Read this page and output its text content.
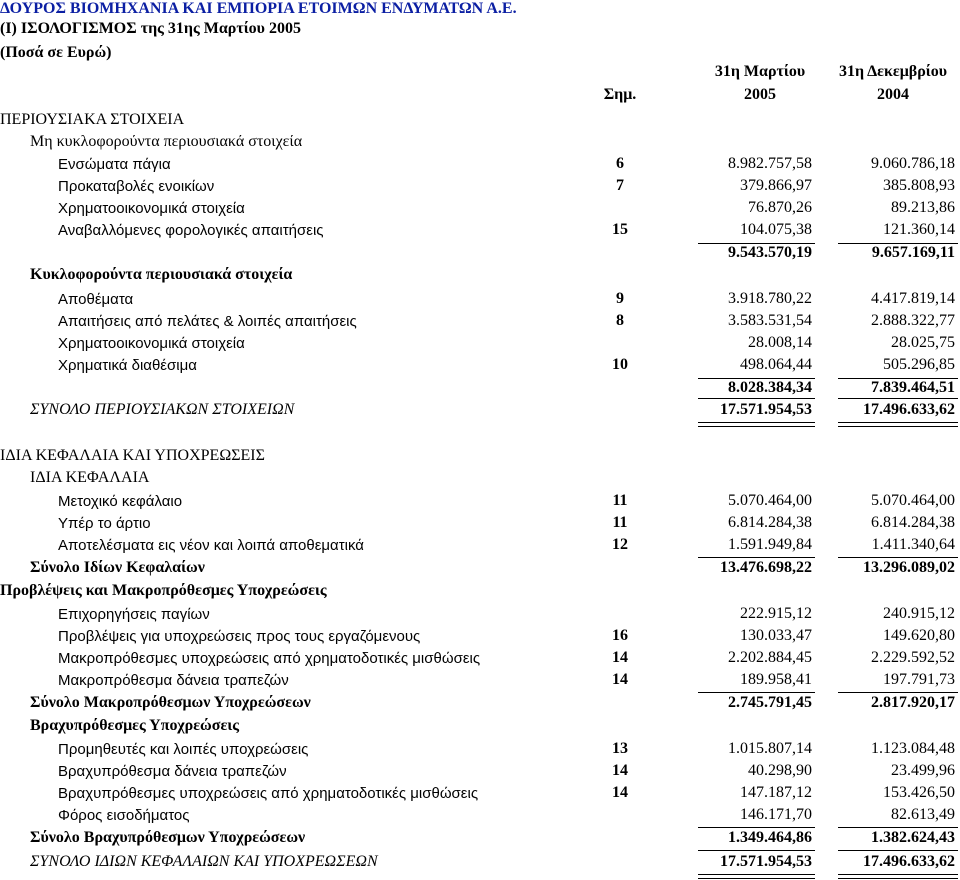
ΔΟΥΡΟΣ ΒΙΟΜΗΧΑΝΙΑ ΚΑΙ ΕΜΠΟΡΙΑ ΕΤΟΙΜΩΝ ΕΝΔΥΜΑΤΩΝ Α.Ε.
(Ι) ΙΣΟΛΟΓΙΣΜΟΣ της 31ης Μαρτίου 2005
(Ποσά σε Ευρώ)
Σημ.
31η Μαρτίου
2005
31η Δεκεμβρίου
2004
ΠΕΡΙΟΥΣΙΑΚΑ ΣΤΟΙΧΕΙΑ
Μη κυκλοφορούντα περιουσιακά στοιχεία
Ενσώματα πάγια	6	8.982.757,58	9.060.786,18
Προκαταβολές ενοικίων	7	379.866,97	385.808,93
Χρηματοοικονομικά στοιχεία	76.870,26	89.213,86
Αναβαλλόμενες φορολογικές απαιτήσεις	15	104.075,38	121.360,14
9.543.570,19	9.657.169,11
Κυκλοφορούντα περιουσιακά στοιχεία
Αποθέματα	9	3.918.780,22	4.417.819,14
Απαιτήσεις από πελάτες & λοιπές απαιτήσεις	8	3.583.531,54	2.888.322,77
Χρηματοοικονομικά στοιχεία	28.008,14	28.025,75
Χρηματικά διαθέσιμα	10	498.064,44	505.296,85
8.028.384,34	7.839.464,51
ΣΥΝΟΛΟ ΠΕΡΙΟΥΣΙΑΚΩΝ ΣΤΟΙΧΕΙΩΝ	17.571.954,53	17.496.633,62
ΙΔΙΑ ΚΕΦΑΛΑΙΑ ΚΑΙ ΥΠΟΧΡΕΩΣΕΙΣ
ΙΔΙΑ ΚΕΦΑΛΑΙΑ
Μετοχικό κεφάλαιο	11	5.070.464,00	5.070.464,00
Υπέρ το άρτιο	11	6.814.284,38	6.814.284,38
Αποτελέσματα εις νέον και λοιπά αποθεματικά	12	1.591.949,84	1.411.340,64
Σύνολο Ιδίων Κεφαλαίων	13.476.698,22	13.296.089,02
Προβλέψεις και Μακροπρόθεσμες Υποχρεώσεις
Επιχορηγήσεις παγίων	222.915,12	240.915,12
Προβλέψεις για υποχρεώσεις προς τους εργαζόμενους	16	130.033,47	149.620,80
Μακροπρόθεσμες υποχρεώσεις από χρηματοδοτικές μισθώσεις	14	2.202.884,45	2.229.592,52
Μακροπρόθεσμα δάνεια τραπεζών	14	189.958,41	197.791,73
Σύνολο Μακροπρόθεσμων Υποχρεώσεων	2.745.791,45	2.817.920,17
Βραχυπρόθεσμες Υποχρεώσεις
Προμηθευτές και λοιπές υποχρεώσεις	13	1.015.807,14	1.123.084,48
Βραχυπρόθεσμα δάνεια τραπεζών	14	40.298,90	23.499,96
Βραχυπρόθεσμες υποχρεώσεις από χρηματοδοτικές μισθώσεις	14	147.187,12	153.426,50
Φόρος εισοδήματος	146.171,70	82.613,49
Σύνολο Βραχυπρόθεσμων Υποχρεώσεων	1.349.464,86	1.382.624,43
ΣΥΝΟΛΟ ΙΔΙΩΝ ΚΕΦΑΛΑΙΩΝ ΚΑΙ ΥΠΟΧΡΕΩΣΕΩΝ	17.571.954,53	17.496.633,62
